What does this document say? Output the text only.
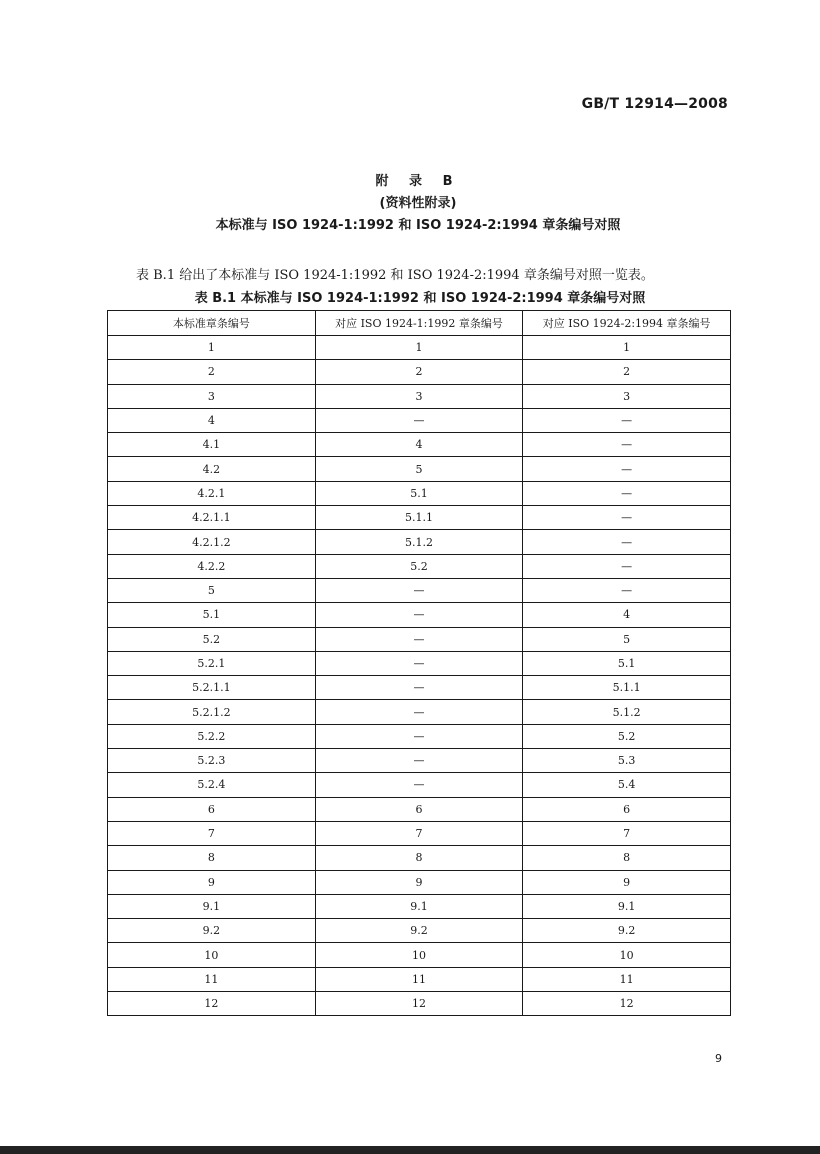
GB/T 12914—2008
附 录 B
(资料性附录)
本标准与 ISO 1924-1:1992 和 ISO 1924-2:1994 章条编号对照
表 B.1 给出了本标准与 ISO 1924-1:1992 和 ISO 1924-2:1994 章条编号对照一览表。
表 B.1 本标准与 ISO 1924-1:1992 和 ISO 1924-2:1994 章条编号对照
本标准章条编号	对应 ISO 1924-1:1992 章条编号	对应 ISO 1924-2:1994 章条编号
1	1	1
2	2	2
3	3	3
4	—	—
4.1	4	—
4.2	5	—
4.2.1	5.1	—
4.2.1.1	5.1.1	—
4.2.1.2	5.1.2	—
4.2.2	5.2	—
5	—	—
5.1	—	4
5.2	—	5
5.2.1	—	5.1
5.2.1.1	—	5.1.1
5.2.1.2	—	5.1.2
5.2.2	—	5.2
5.2.3	—	5.3
5.2.4	—	5.4
6	6	6
7	7	7
8	8	8
9	9	9
9.1	9.1	9.1
9.2	9.2	9.2
10	10	10
11	11	11
12	12	12
9
